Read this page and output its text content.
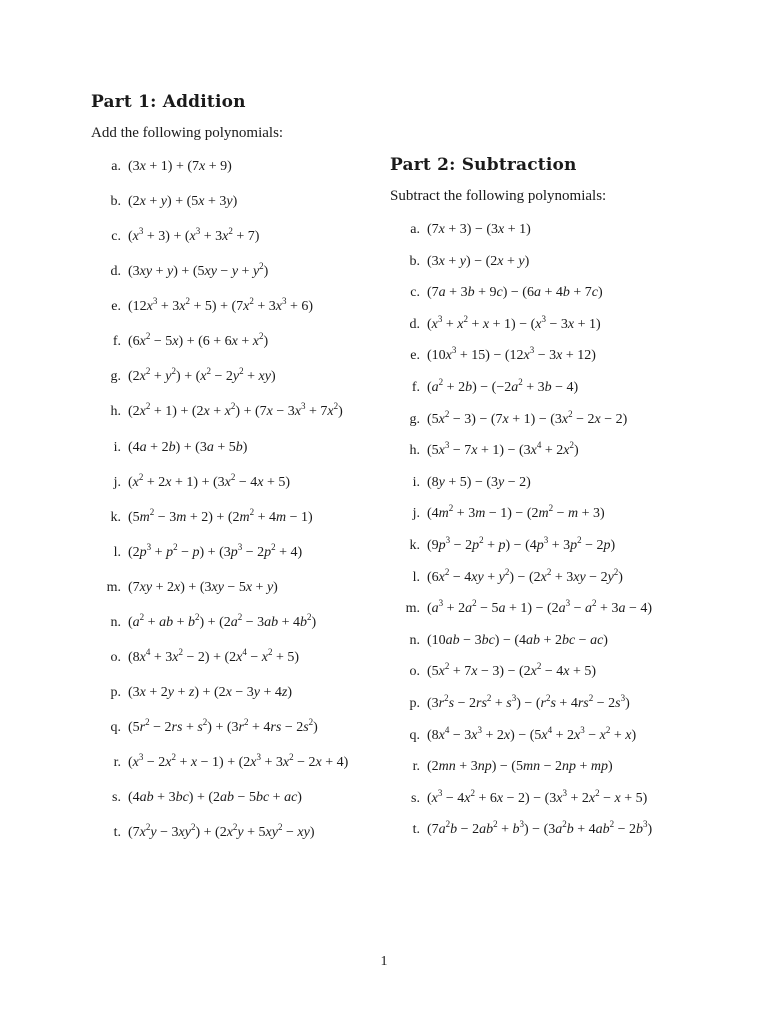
Part 1: Addition

Add the following polynomials:

a. (3x + 1) + (7x + 9)
b. (2x + y) + (5x + 3y)
c. $(x^3 + 3) + (x^3 + 3x^2 + 7)$
d. $(3xy + y) + (5xy - y + y^2)$
e. $(12x^3 + 3x^2 + 5) + (7x^2 + 3x^3 + 6)$
f. $(6x^2 - 5x) + (6 + 6x + x^2)$
g. $(2x^2 + y^2) + (x^2 - 2y^2 + xy)$
h. $(2x^2 + 1) + (2x + x^2) + (7x - 3x^3 + 7x^2)$
i. (4a + 2b) + (3a + 5b)
j. $(x^2 + 2x + 1) + (3x^2 - 4x + 5)$
k. $(5m^2 - 3m + 2) + (2m^2 + 4m - 1)$
l. $(2p^3 + p^2 - p) + (3p^3 - 2p^2 + 4)$
m. (7xy + 2x) + (3xy − 5x + y)
n. ($a^2$ + ab + $b^2) + (2a^2 - 3ab + 4b^2)$
o. $(8x^4 + 3x^2 - 2) + (2x^4 - x^2 + 5)$
p. (3x + 2y + z) + (2x − 3y + 4z)
q. $(5r^2 - 2rs + s^2) + (3r^2 + 4rs - 2s^2)$
r. $(x^3 - 2x^2 + x - 1) + (2x^3 + 3x^2 - 2x + 4)$
s. (4ab + 3bc) + (2ab − 5bc + ac)
t. $(7x^2y - 3xy^2) + (2x^2y + 5xy^2 - xy)$
Part 2: Subtraction

Subtract the following polynomials:

a. (7x + 3) − (3x + 1)
b. (3x + y) − (2x + y)
c. (7a + 3b + 9c) − (6a + 4b + 7c)
d. $(x^3 + x^2 + x + 1) - (x^3 - 3x + 1)$
e. $(10x^3 + 15) - (12x^3 - 3x + 12)$
f. $(a^2 + 2b) - (-2a^2 + 3b - 4)$
g. $(5x^2 - 3) - (7x + 1) - (3x^2 - 2x - 2)$
h. $(5x^3 - 7x + 1) - (3x^4 + 2x^2)$
i. (8y + 5) − (3y − 2)
j. $(4m^2 + 3m - 1) - (2m^2 - m + 3)$
k. $(9p^3 - 2p^2 + p) - (4p^3 + 3p^2 - 2p)$
l. $(6x^2 - 4xy + y^2) - (2x^2 + 3xy - 2y^2)$
m. $(a^3 + 2a^2 - 5a + 1) - (2a^3 - a^2 + 3a - 4)$
n. (10ab − 3bc) − (4ab + 2bc − ac)
o. $(5x^2 + 7x - 3) - (2x^2 - 4x + 5)$
p. $(3r^2s - 2rs^2 + s^3) - (r^2s + 4rs^2 - 2s^3)$
q. $(8x^4 - 3x^3 + 2x) - (5x^4 + 2x^3 - x^2 + x)$
r. (2mn + 3np) − (5mn − 2np + mp)
s. $(x^3 - 4x^2 + 6x - 2) - (3x^3 + 2x^2 - x + 5)$
t. $(7a^2b - 2ab^2 + b^3) - (3a^2b + 4ab^2 - 2b^3)$
1
